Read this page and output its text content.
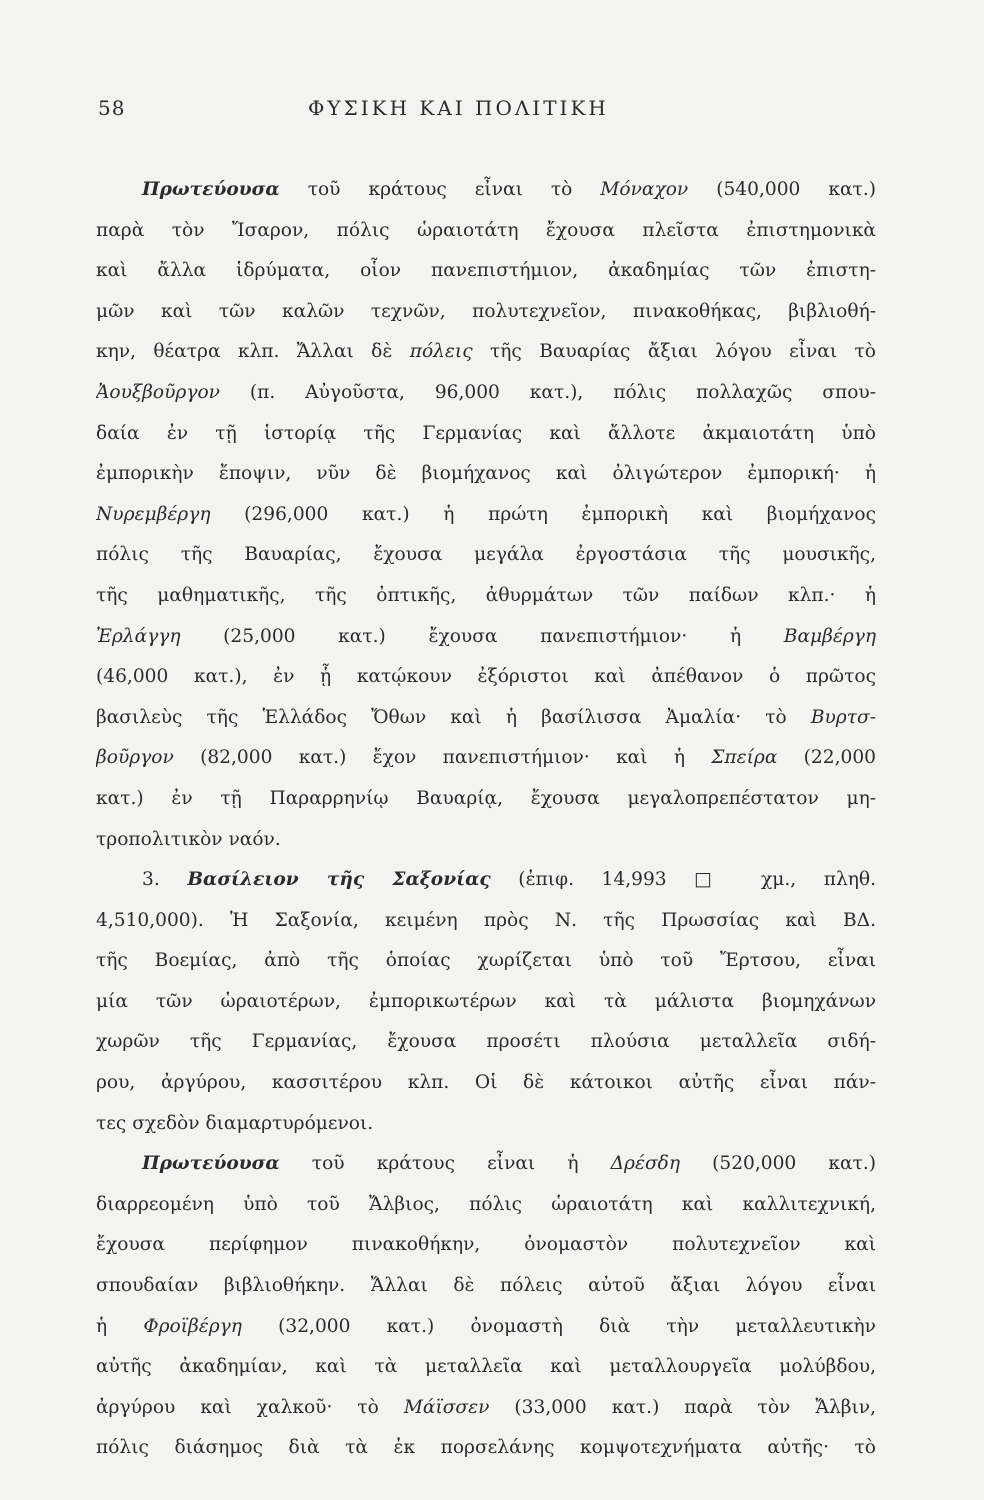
58	ΦΥΣΙΚΗ ΚΑΙ ΠΟΛΙΤΙΚΗ
Πρωτεύουσα τοῦ κράτους εἶναι τὸ Μόναχον (540,000 κατ.)
παρὰ τὸν Ἴσαρον, πόλις ὡραιοτάτη ἔχουσα πλεῖστα ἐπιστημονικὰ
καὶ ἄλλα ἱδρύματα, οἷον πανεπιστήμιον, ἀκαδημίας τῶν ἐπιστη-
μῶν καὶ τῶν καλῶν τεχνῶν, πολυτεχνεῖον, πινακοθήκας, βιβλιοθή-
κην, θέατρα κλπ. Ἄλλαι δὲ πόλεις τῆς Βαυαρίας ἄξιαι λόγου εἶναι τὸ
Ἀουξβοῦργον (π. Αὐγοῦστα, 96,000 κατ.), πόλις πολλαχῶς σπου-
δαία ἐν τῇ ἱστορίᾳ τῆς Γερμανίας καὶ ἄλλοτε ἀκμαιοτάτη ὑπὸ
ἐμπορικὴν ἔποψιν, νῦν δὲ βιομήχανος καὶ ὀλιγώτερον ἐμπορική· ἡ
Νυρεμβέργη (296,000 κατ.) ἡ πρώτη ἐμπορικὴ καὶ βιομήχανος
πόλις τῆς Βαυαρίας, ἔχουσα μεγάλα ἐργοστάσια τῆς μουσικῆς,
τῆς μαθηματικῆς, τῆς ὀπτικῆς, ἀθυρμάτων τῶν παίδων κλπ.· ἡ
Ἐρλάγγη (25,000 κατ.) ἔχουσα πανεπιστήμιον· ἡ Βαμβέργη
(46,000 κατ.), ἐν ᾗ κατῴκουν ἐξόριστοι καὶ ἀπέθανον ὁ πρῶτος
βασιλεὺς τῆς Ἑλλάδος Ὄθων καὶ ἡ βασίλισσα Ἀμαλία· τὸ Βυρτσ-
βοῦργον (82,000 κατ.) ἔχον πανεπιστήμιον· καὶ ἡ Σπείρα (22,000
κατ.) ἐν τῇ Παραρρηνίῳ Βαυαρίᾳ, ἔχουσα μεγαλοπρεπέστατον μη-
τροπολιτικὸν ναόν.
3. Βασίλειον τῆς Σαξονίας (ἐπιφ. 14,993 □ χμ., πληθ.
4,510,000). Ἡ Σαξονία, κειμένη πρὸς Ν. τῆς Πρωσσίας καὶ ΒΔ.
τῆς Βοεμίας, ἀπὸ τῆς ὁποίας χωρίζεται ὑπὸ τοῦ Ἔρτσου, εἶναι
μία τῶν ὡραιοτέρων, ἐμπορικωτέρων καὶ τὰ μάλιστα βιομηχάνων
χωρῶν τῆς Γερμανίας, ἔχουσα προσέτι πλούσια μεταλλεῖα σιδή-
ρου, ἀργύρου, κασσιτέρου κλπ. Οἱ δὲ κάτοικοι αὐτῆς εἶναι πάν-
τες σχεδὸν διαμαρτυρόμενοι.
Πρωτεύουσα τοῦ κράτους εἶναι ἡ Δρέσδη (520,000 κατ.)
διαρρεομένη ὑπὸ τοῦ Ἄλβιος, πόλις ὡραιοτάτη καὶ καλλιτεχνική,
ἔχουσα περίφημον πινακοθήκην, ὀνομαστὸν πολυτεχνεῖον καὶ
σπουδαίαν βιβλιοθήκην. Ἄλλαι δὲ πόλεις αὐτοῦ ἄξιαι λόγου εἶναι
ἡ Φροϊβέργη (32,000 κατ.) ὀνομαστὴ διὰ τὴν μεταλλευτικὴν
αὐτῆς ἀκαδημίαν, καὶ τὰ μεταλλεῖα καὶ μεταλλουργεῖα μολύβδου,
ἀργύρου καὶ χαλκοῦ· τὸ Μάϊσσεν (33,000 κατ.) παρὰ τὸν Ἄλβιν,
πόλις διάσημος διὰ τὰ ἐκ πορσελάνης κομψοτεχνήματα αὐτῆς· τὸ
